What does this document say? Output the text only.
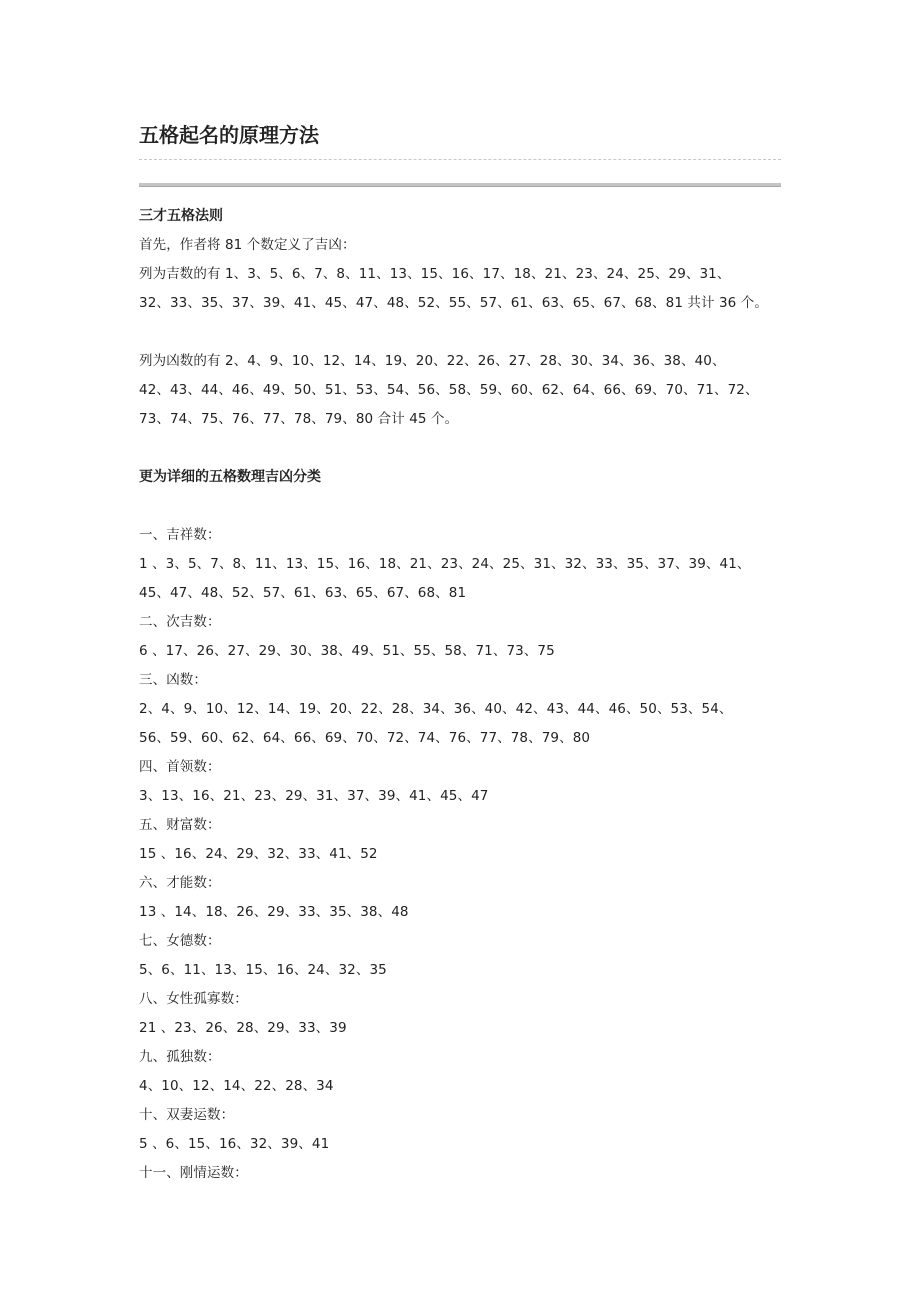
五格起名的原理方法
三才五格法则
首先，作者将 81 个数定义了吉凶：
列为吉数的有 1、3、5、6、7、8、11、13、15、16、17、18、21、23、24、25、29、31、
32、33、35、37、39、41、45、47、48、52、55、57、61、63、65、67、68、81 共计 36 个。
列为凶数的有 2、4、9、10、12、14、19、20、22、26、27、28、30、34、36、38、40、
42、43、44、46、49、50、51、53、54、56、58、59、60、62、64、66、69、70、71、72、
73、74、75、76、77、78、79、80 合计 45 个。
更为详细的五格数理吉凶分类
一、吉祥数：
1 、3、5、7、8、11、13、15、16、18、21、23、24、25、31、32、33、35、37、39、41、
45、47、48、52、57、61、63、65、67、68、81
二、次吉数：
6 、17、26、27、29、30、38、49、51、55、58、71、73、75
三、凶数：
2、4、9、10、12、14、19、20、22、28、34、36、40、42、43、44、46、50、53、54、
56、59、60、62、64、66、69、70、72、74、76、77、78、79、80
四、首领数：
3、13、16、21、23、29、31、37、39、41、45、47
五、财富数：
15 、16、24、29、32、33、41、52
六、才能数：
13 、14、18、26、29、33、35、38、48
七、女德数：
5、6、11、13、15、16、24、32、35
八、女性孤寡数：
21 、23、26、28、29、33、39
九、孤独数：
4、10、12、14、22、28、34
十、双妻运数：
5 、6、15、16、32、39、41
十一、刚情运数：
